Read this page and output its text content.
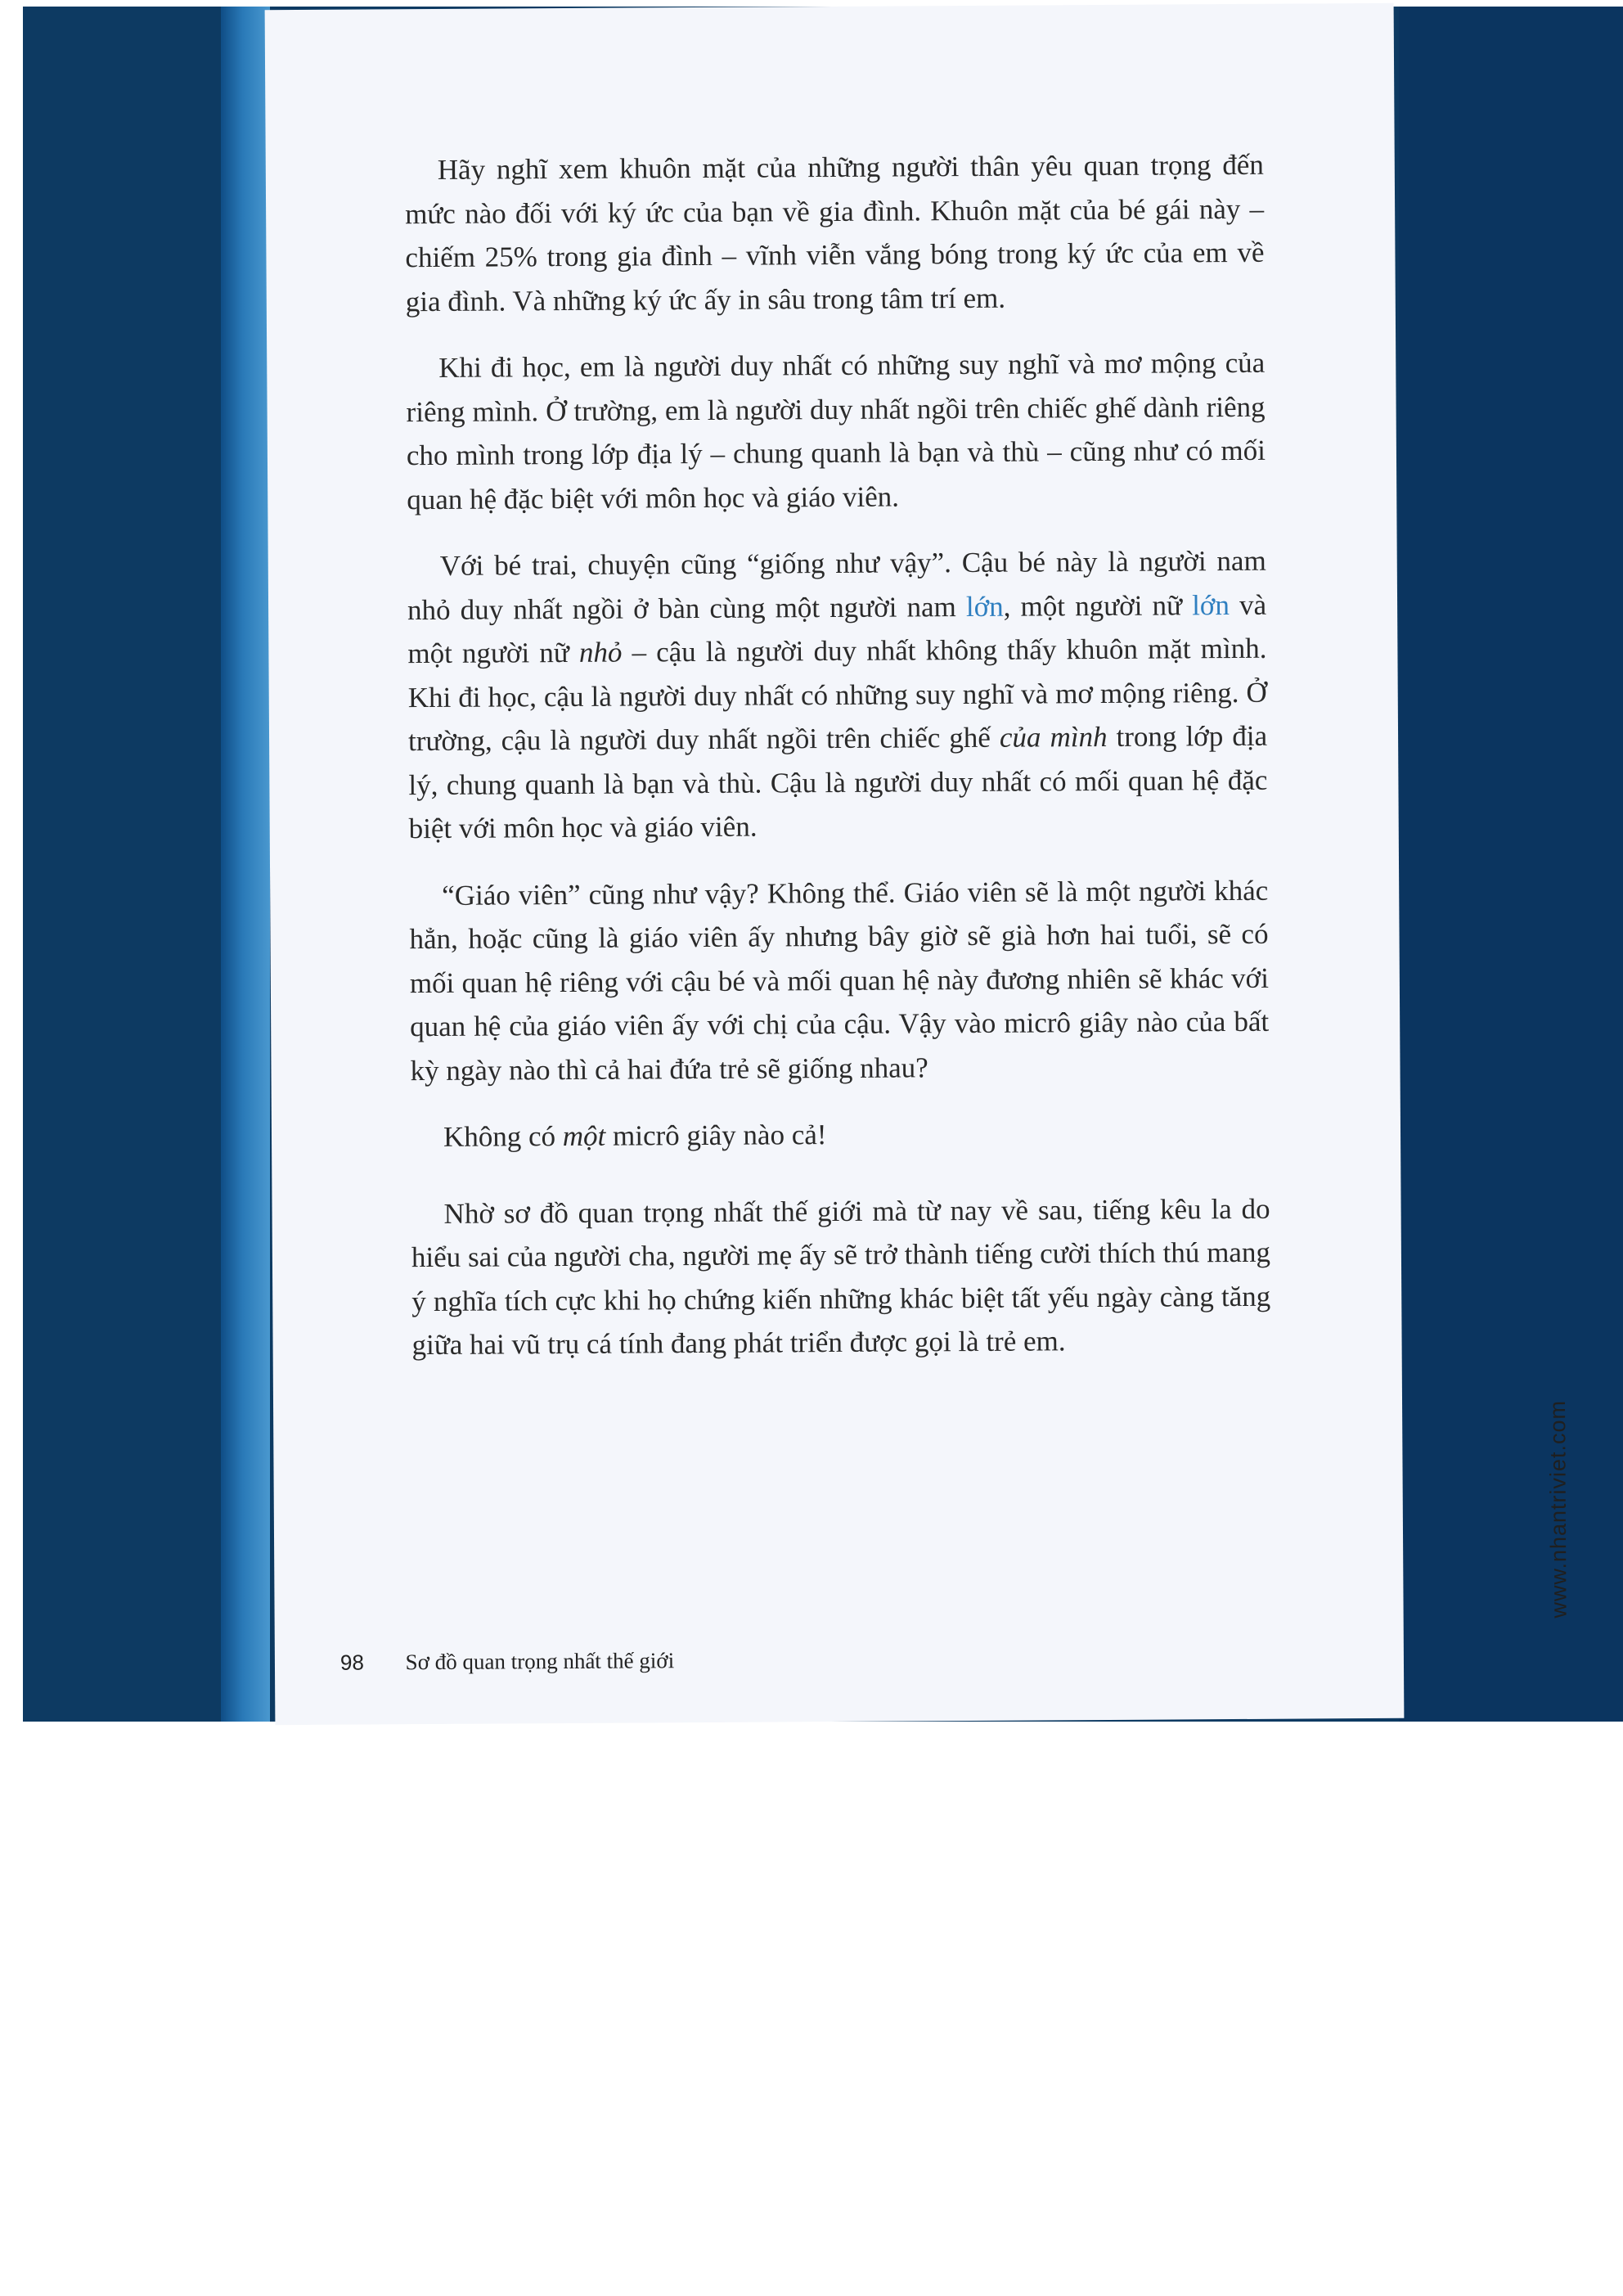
Hãy nghĩ xem khuôn mặt của những người thân yêu quan trọng đến mức nào đối với ký ức của bạn về gia đình. Khuôn mặt của bé gái này – chiếm 25% trong gia đình – vĩnh viễn vắng bóng trong ký ức của em về gia đình. Và những ký ức ấy in sâu trong tâm trí em.

Khi đi học, em là người duy nhất có những suy nghĩ và mơ mộng của riêng mình. Ở trường, em là người duy nhất ngồi trên chiếc ghế dành riêng cho mình trong lớp địa lý – chung quanh là bạn và thù – cũng như có mối quan hệ đặc biệt với môn học và giáo viên.

Với bé trai, chuyện cũng “giống như vậy”. Cậu bé này là người nam nhỏ duy nhất ngồi ở bàn cùng một người nam lớn, một người nữ lớn và một người nữ nhỏ – cậu là người duy nhất không thấy khuôn mặt mình. Khi đi học, cậu là người duy nhất có những suy nghĩ và mơ mộng riêng. Ở trường, cậu là người duy nhất ngồi trên chiếc ghế của mình trong lớp địa lý, chung quanh là bạn và thù. Cậu là người duy nhất có mối quan hệ đặc biệt với môn học và giáo viên.

“Giáo viên” cũng như vậy? Không thể. Giáo viên sẽ là một người khác hẳn, hoặc cũng là giáo viên ấy nhưng bây giờ sẽ già hơn hai tuổi, sẽ có mối quan hệ riêng với cậu bé và mối quan hệ này đương nhiên sẽ khác với quan hệ của giáo viên ấy với chị của cậu. Vậy vào micrô giây nào của bất kỳ ngày nào thì cả hai đứa trẻ sẽ giống nhau?

Không có một micrô giây nào cả!

Nhờ sơ đồ quan trọng nhất thế giới mà từ nay về sau, tiếng kêu la do hiểu sai của người cha, người mẹ ấy sẽ trở thành tiếng cười thích thú mang ý nghĩa tích cực khi họ chứng kiến những khác biệt tất yếu ngày càng tăng giữa hai vũ trụ cá tính đang phát triển được gọi là trẻ em.

98 Sơ đồ quan trọng nhất thế giới
www.nhantriviet.com
